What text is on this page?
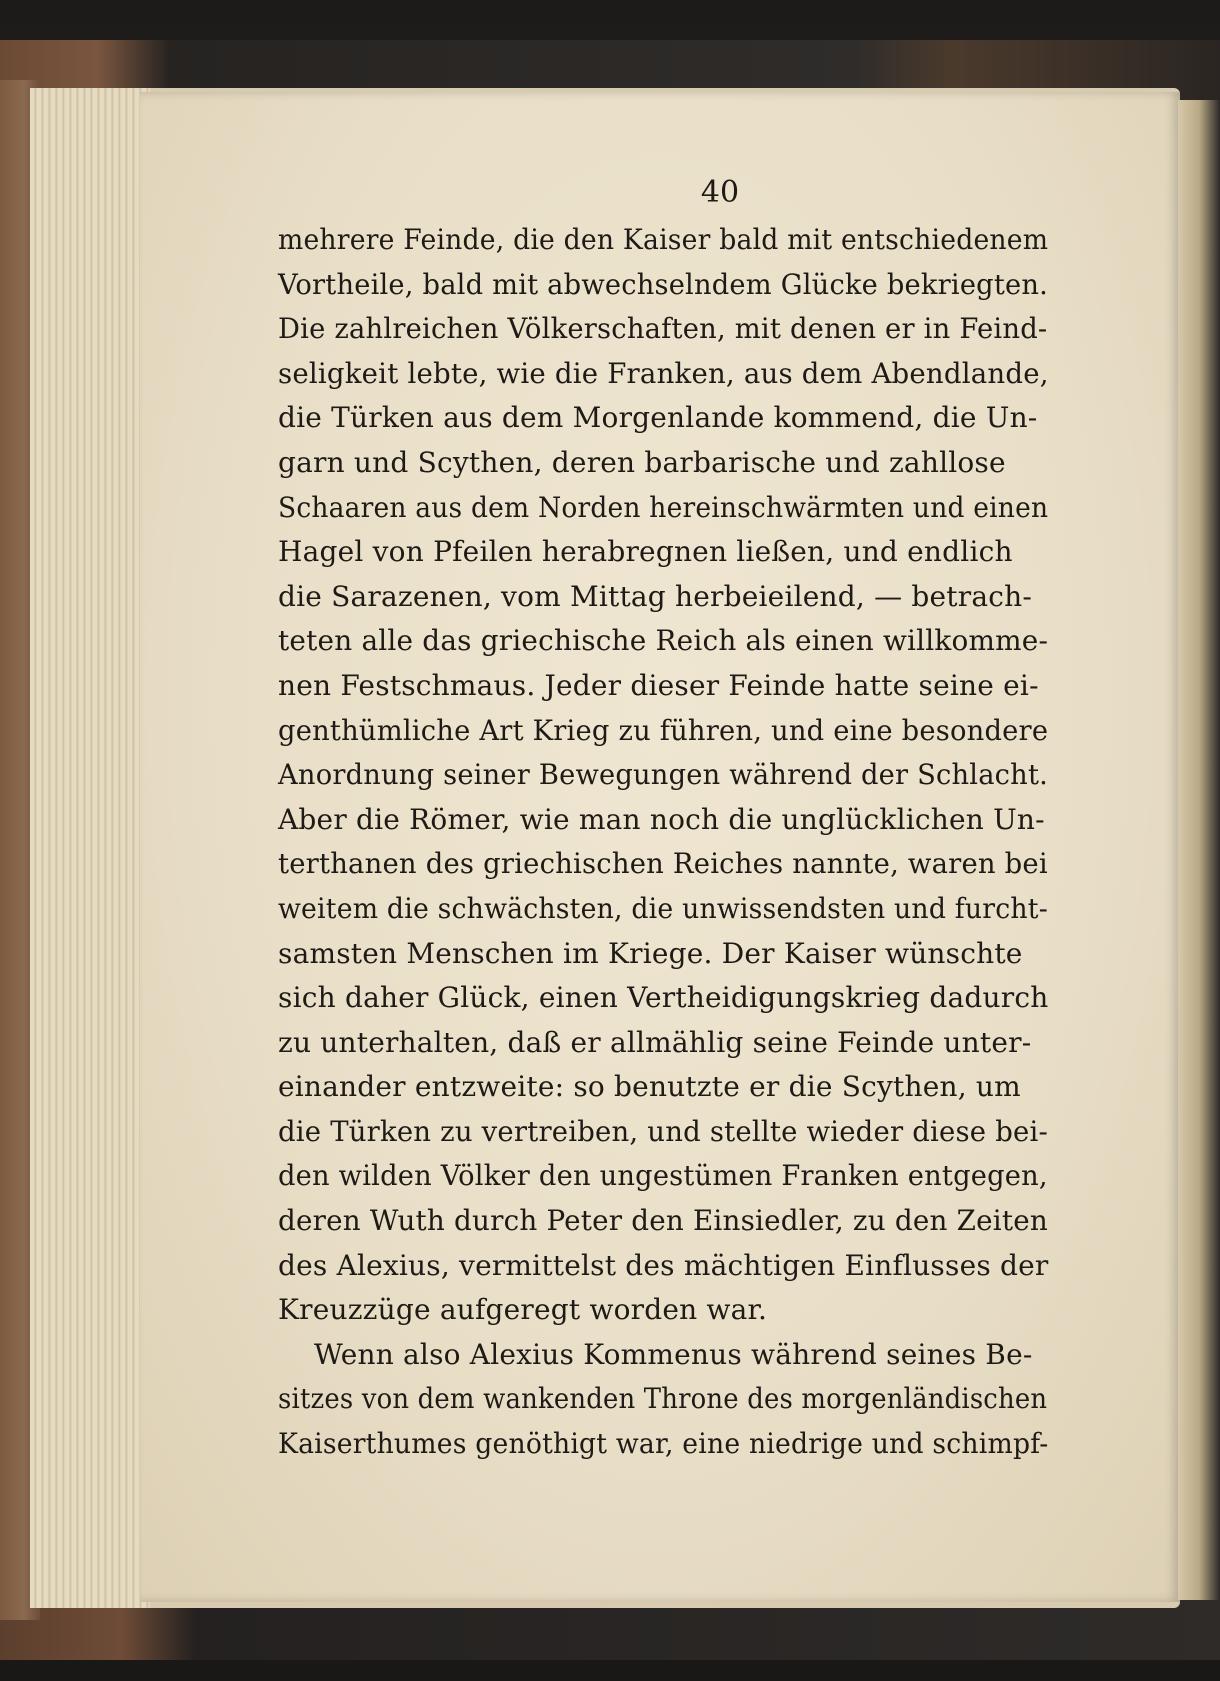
40
mehrere Feinde, die den Kaiser bald mit entschiedenem
Vortheile, bald mit abwechselndem Glücke bekriegten.
Die zahlreichen Völkerschaften, mit denen er in Feind-
seligkeit lebte, wie die Franken, aus dem Abendlande,
die Türken aus dem Morgenlande kommend, die Un-
garn und Scythen, deren barbarische und zahllose
Schaaren aus dem Norden hereinschwärmten und einen
Hagel von Pfeilen herabregnen ließen, und endlich
die Sarazenen, vom Mittag herbeieilend, — betrach-
teten alle das griechische Reich als einen willkomme-
nen Festschmaus. Jeder dieser Feinde hatte seine ei-
genthümliche Art Krieg zu führen, und eine besondere
Anordnung seiner Bewegungen während der Schlacht.
Aber die Römer, wie man noch die unglücklichen Un-
terthanen des griechischen Reiches nannte, waren bei
weitem die schwächsten, die unwissendsten und furcht-
samsten Menschen im Kriege. Der Kaiser wünschte
sich daher Glück, einen Vertheidigungskrieg dadurch
zu unterhalten, daß er allmählig seine Feinde unter-
einander entzweite: so benutzte er die Scythen, um
die Türken zu vertreiben, und stellte wieder diese bei-
den wilden Völker den ungestümen Franken entgegen,
deren Wuth durch Peter den Einsiedler, zu den Zeiten
des Alexius, vermittelst des mächtigen Einflusses der
Kreuzzüge aufgeregt worden war.
Wenn also Alexius Kommenus während seines Be-
sitzes von dem wankenden Throne des morgenländischen
Kaiserthumes genöthigt war, eine niedrige und schimpf-
